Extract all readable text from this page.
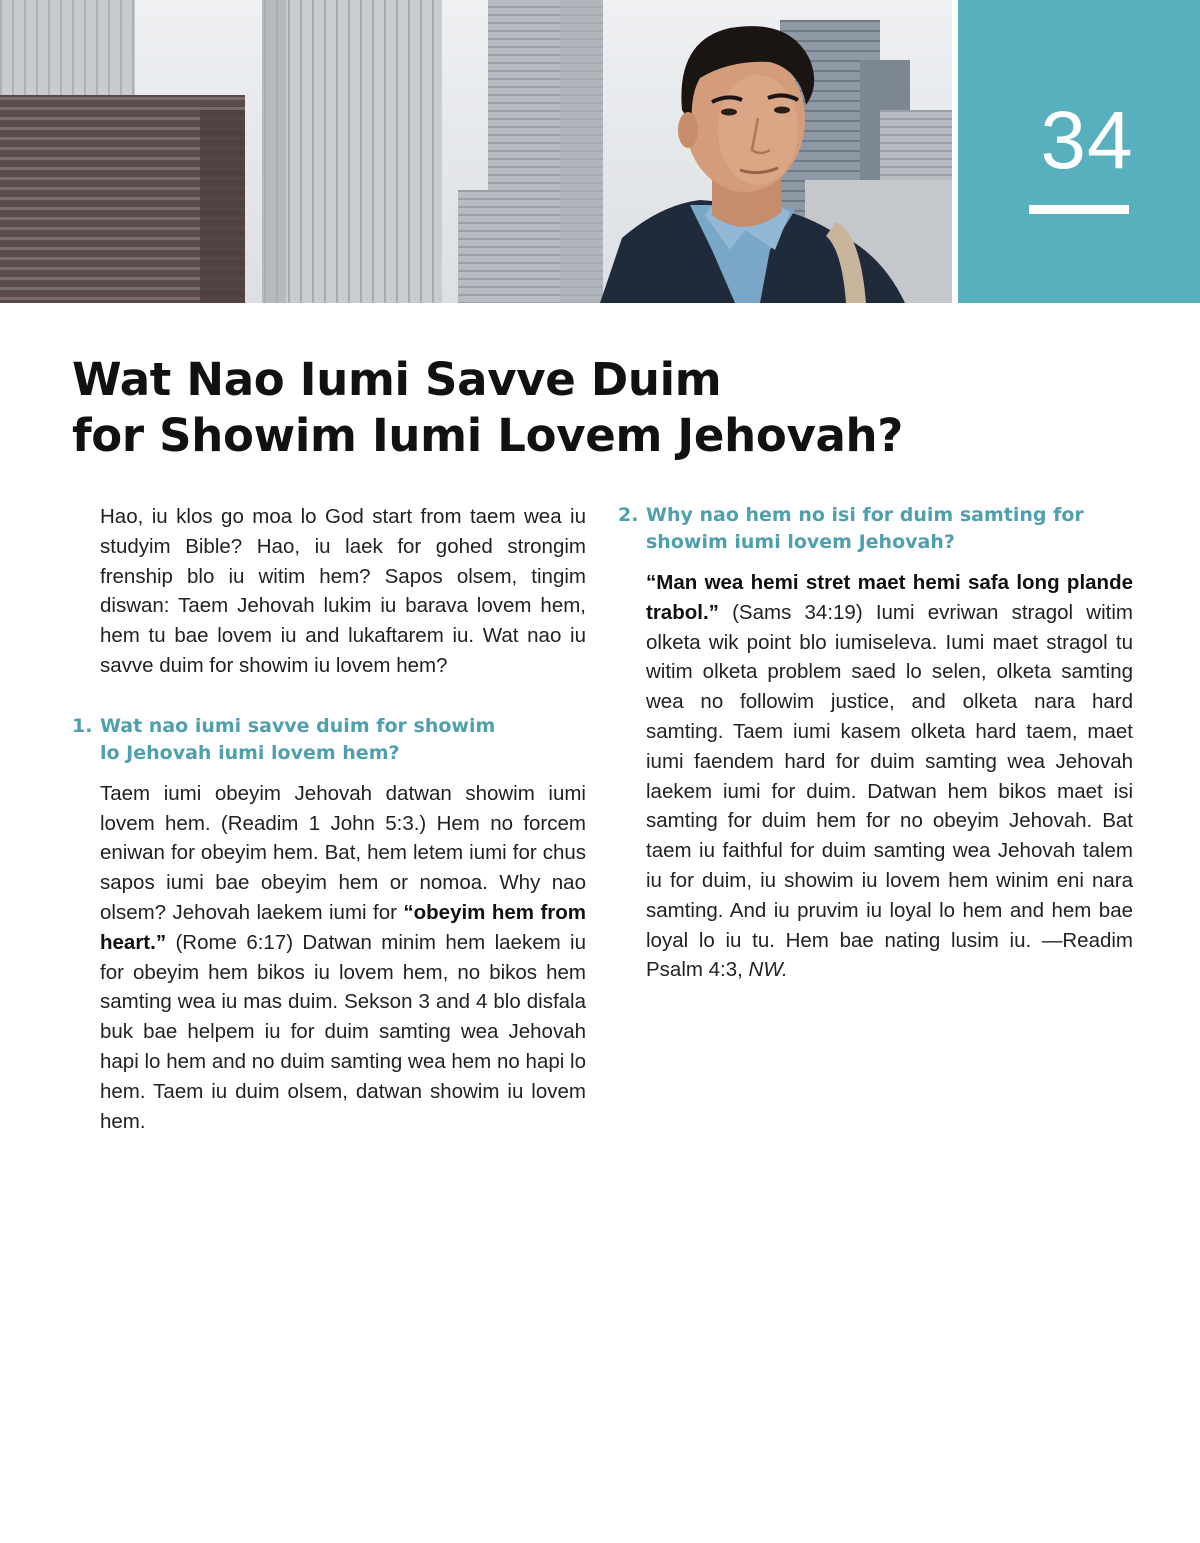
34
Wat Nao Iumi Savve Duim
for Showim Iumi Lovem Jehovah?

Hao, iu klos go moa lo God start from taem wea iu studyim Bible? Hao, iu laek for gohed strongim frenship blo iu witim hem? Sapos olsem, tingim diswan: Taem Jehovah lukim iu barava lovem hem, hem tu bae lovem iu and lukaftarem iu. Wat nao iu savve duim for showim iu lovem hem?

1. Wat nao iumi savve duim for showim
lo Jehovah iumi lovem hem?

Taem iumi obeyim Jehovah datwan showim iumi lovem hem. (Readim 1 John 5:3.) Hem no forcem eniwan for obeyim hem. Bat, hem letem iumi for chus sapos iumi bae obeyim hem or nomoa. Why nao olsem? Jehovah laekem iumi for “obeyim hem from heart.” (Rome 6:17) Datwan minim hem laekem iu for obeyim hem bikos iu lovem hem, no bikos hem samting wea iu mas duim. Sekson 3 and 4 blo disfala buk bae helpem iu for duim samting wea Jehovah hapi lo hem and no duim samting wea hem no hapi lo hem. Taem iu duim olsem, datwan showim iu lovem hem.

2. Why nao hem no isi for duim samting for
showim iumi lovem Jehovah?

“Man wea hemi stret maet hemi safa long plande trabol.” (Sams 34:19) Iumi evriwan stragol witim olketa wik point blo iumiseleva. Iumi maet stragol tu witim olketa problem saed lo selen, olketa samting wea no followim justice, and olketa nara hard samting. Taem iumi kasem olketa hard taem, maet iumi faendem hard for duim samting wea Jehovah laekem iumi for duim. Datwan hem bikos maet isi samting for duim hem for no obeyim Jehovah. Bat taem iu faithful for duim samting wea Jehovah talem iu for duim, iu showim iu lovem hem winim eni nara samting. And iu pruvim iu loyal lo hem and hem bae loyal lo iu tu. Hem bae nating lusim iu. —Readim Psalm 4:3, NW.
